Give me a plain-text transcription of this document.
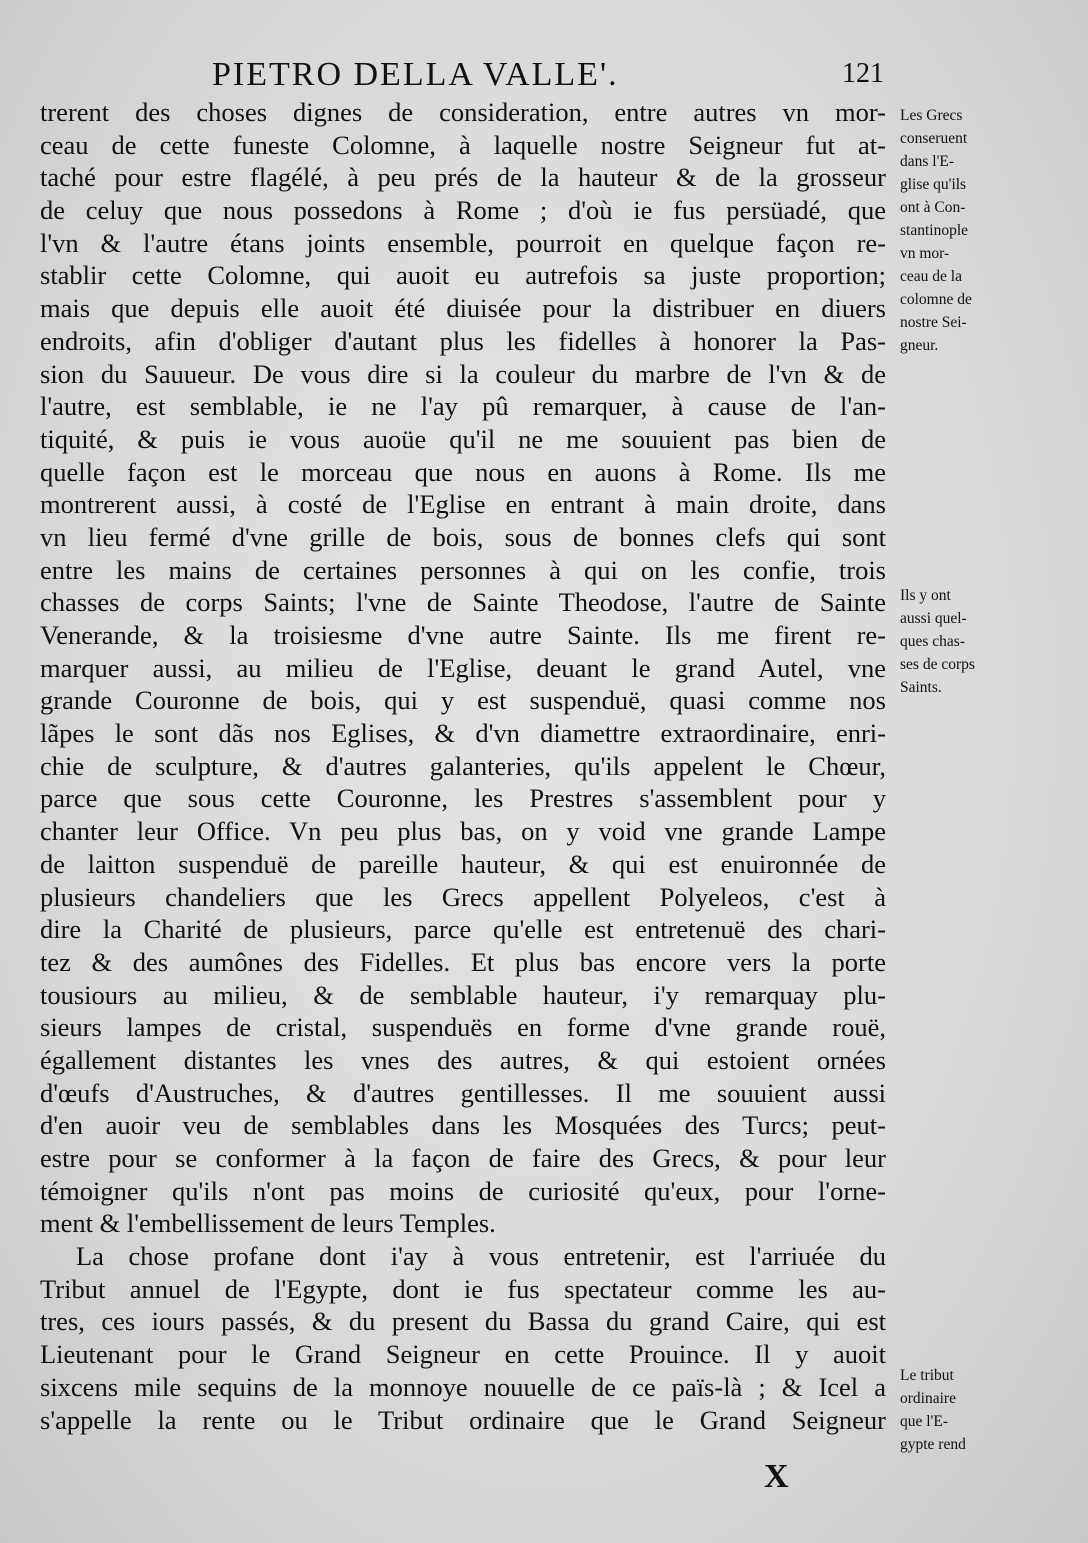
PIETRO DELLA VALLE'.	121
trerent des choses dignes de consideration, entre autres vn mor-
ceau de cette funeste Colomne, à laquelle nostre Seigneur fut at-
taché pour estre flagélé, à peu prés de la hauteur & de la grosseur
de celuy que nous possedons à Rome ; d'où ie fus persüadé, que
l'vn & l'autre étans joints ensemble, pourroit en quelque façon re-
stablir cette Colomne, qui auoit eu autrefois sa juste proportion;
mais que depuis elle auoit été diuisée pour la distribuer en diuers
endroits, afin d'obliger d'autant plus les fidelles à honorer la Pas-
sion du Sauueur. De vous dire si la couleur du marbre de l'vn & de
l'autre, est semblable, ie ne l'ay pû remarquer, à cause de l'an-
tiquité, & puis ie vous auoüe qu'il ne me souuient pas bien de
quelle façon est le morceau que nous en auons à Rome. Ils me
montrerent aussi, à costé de l'Eglise en entrant à main droite, dans
vn lieu fermé d'vne grille de bois, sous de bonnes clefs qui sont
entre les mains de certaines personnes à qui on les confie, trois
chasses de corps Saints; l'vne de Sainte Theodose, l'autre de Sainte
Venerande, & la troisiesme d'vne autre Sainte. Ils me firent re-
marquer aussi, au milieu de l'Eglise, deuant le grand Autel, vne
grande Couronne de bois, qui y est suspenduë, quasi comme nos
lãpes le sont dãs nos Eglises, & d'vn diamettre extraordinaire, enri-
chie de sculpture, & d'autres galanteries, qu'ils appelent le Chœur,
parce que sous cette Couronne, les Prestres s'assemblent pour y
chanter leur Office. Vn peu plus bas, on y void vne grande Lampe
de laitton suspenduë de pareille hauteur, & qui est enuironnée de
plusieurs chandeliers que les Grecs appellent Polyeleos, c'est à
dire la Charité de plusieurs, parce qu'elle est entretenuë des chari-
tez & des aumônes des Fidelles. Et plus bas encore vers la porte
tousiours au milieu, & de semblable hauteur, i'y remarquay plu-
sieurs lampes de cristal, suspenduës en forme d'vne grande rouë,
égallement distantes les vnes des autres, & qui estoient ornées
d'œufs d'Austruches, & d'autres gentillesses. Il me souuient aussi
d'en auoir veu de semblables dans les Mosquées des Turcs; peut-
estre pour se conformer à la façon de faire des Grecs, & pour leur
témoigner qu'ils n'ont pas moins de curiosité qu'eux, pour l'orne-
ment & l'embellissement de leurs Temples.
La chose profane dont i'ay à vous entretenir, est l'arriuée du
Tribut annuel de l'Egypte, dont ie fus spectateur comme les au-
tres, ces iours passés, & du present du Bassa du grand Caire, qui est
Lieutenant pour le Grand Seigneur en cette Prouince. Il y auoit
sixcens mile sequins de la monnoye nouuelle de ce païs-là ; & Icel a
s'appelle la rente ou le Tribut ordinaire que le Grand Seigneur
Les Grecs
conseruent
dans l'E-
glise qu'ils
ont à Con-
stantinople
vn mor-
ceau de la
colomne de
nostre Sei-
gneur.
Ils y ont
aussi quel-
ques chas-
ses de corps
Saints.
Le tribut
ordinaire
que l'E-
gypte rend
X
